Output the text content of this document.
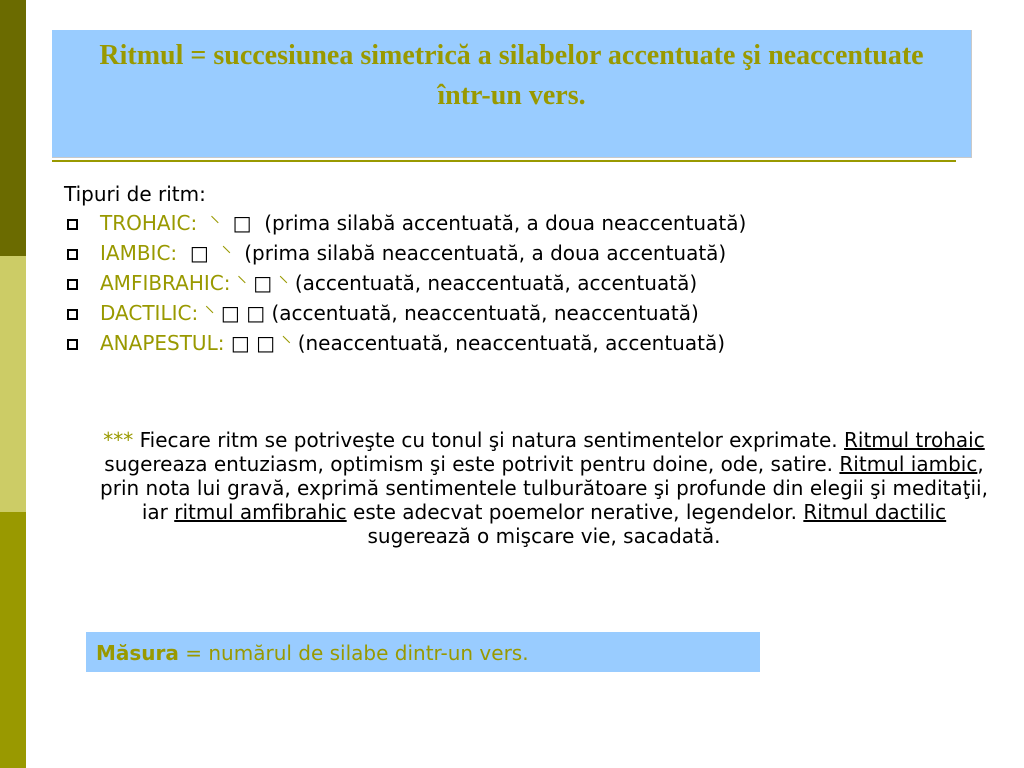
Ritmul = succesiunea simetrică a silabelor accentuate şi neaccentuate într-un vers.

Tipuri de ritm:

TROHAIC:  ⸌  □  (prima silabă accentuată, a doua neaccentuată)
IAMBIC:  □  ⸌  (prima silabă neaccentuată, a doua accentuată)
AMFIBRAHIC: ⸌ □ ⸌ (accentuată, neaccentuată, accentuată)
DACTILIC: ⸌ □ □ (accentuată, neaccentuată, neaccentuată)
ANAPESTUL: □ □ ⸌ (neaccentuată, neaccentuată, accentuată)

*** Fiecare ritm se potriveşte cu tonul şi natura sentimentelor exprimate. Ritmul trohaic sugereaza entuziasm, optimism şi este potrivit pentru doine, ode, satire. Ritmul iambic, prin nota lui gravă, exprimă sentimentele tulburătoare şi profunde din elegii şi meditaţii, iar ritmul amfibrahic este adecvat poemelor nerative, legendelor. Ritmul dactilic sugerează o mişcare vie, sacadată.

Măsura = numărul de silabe dintr-un vers.
